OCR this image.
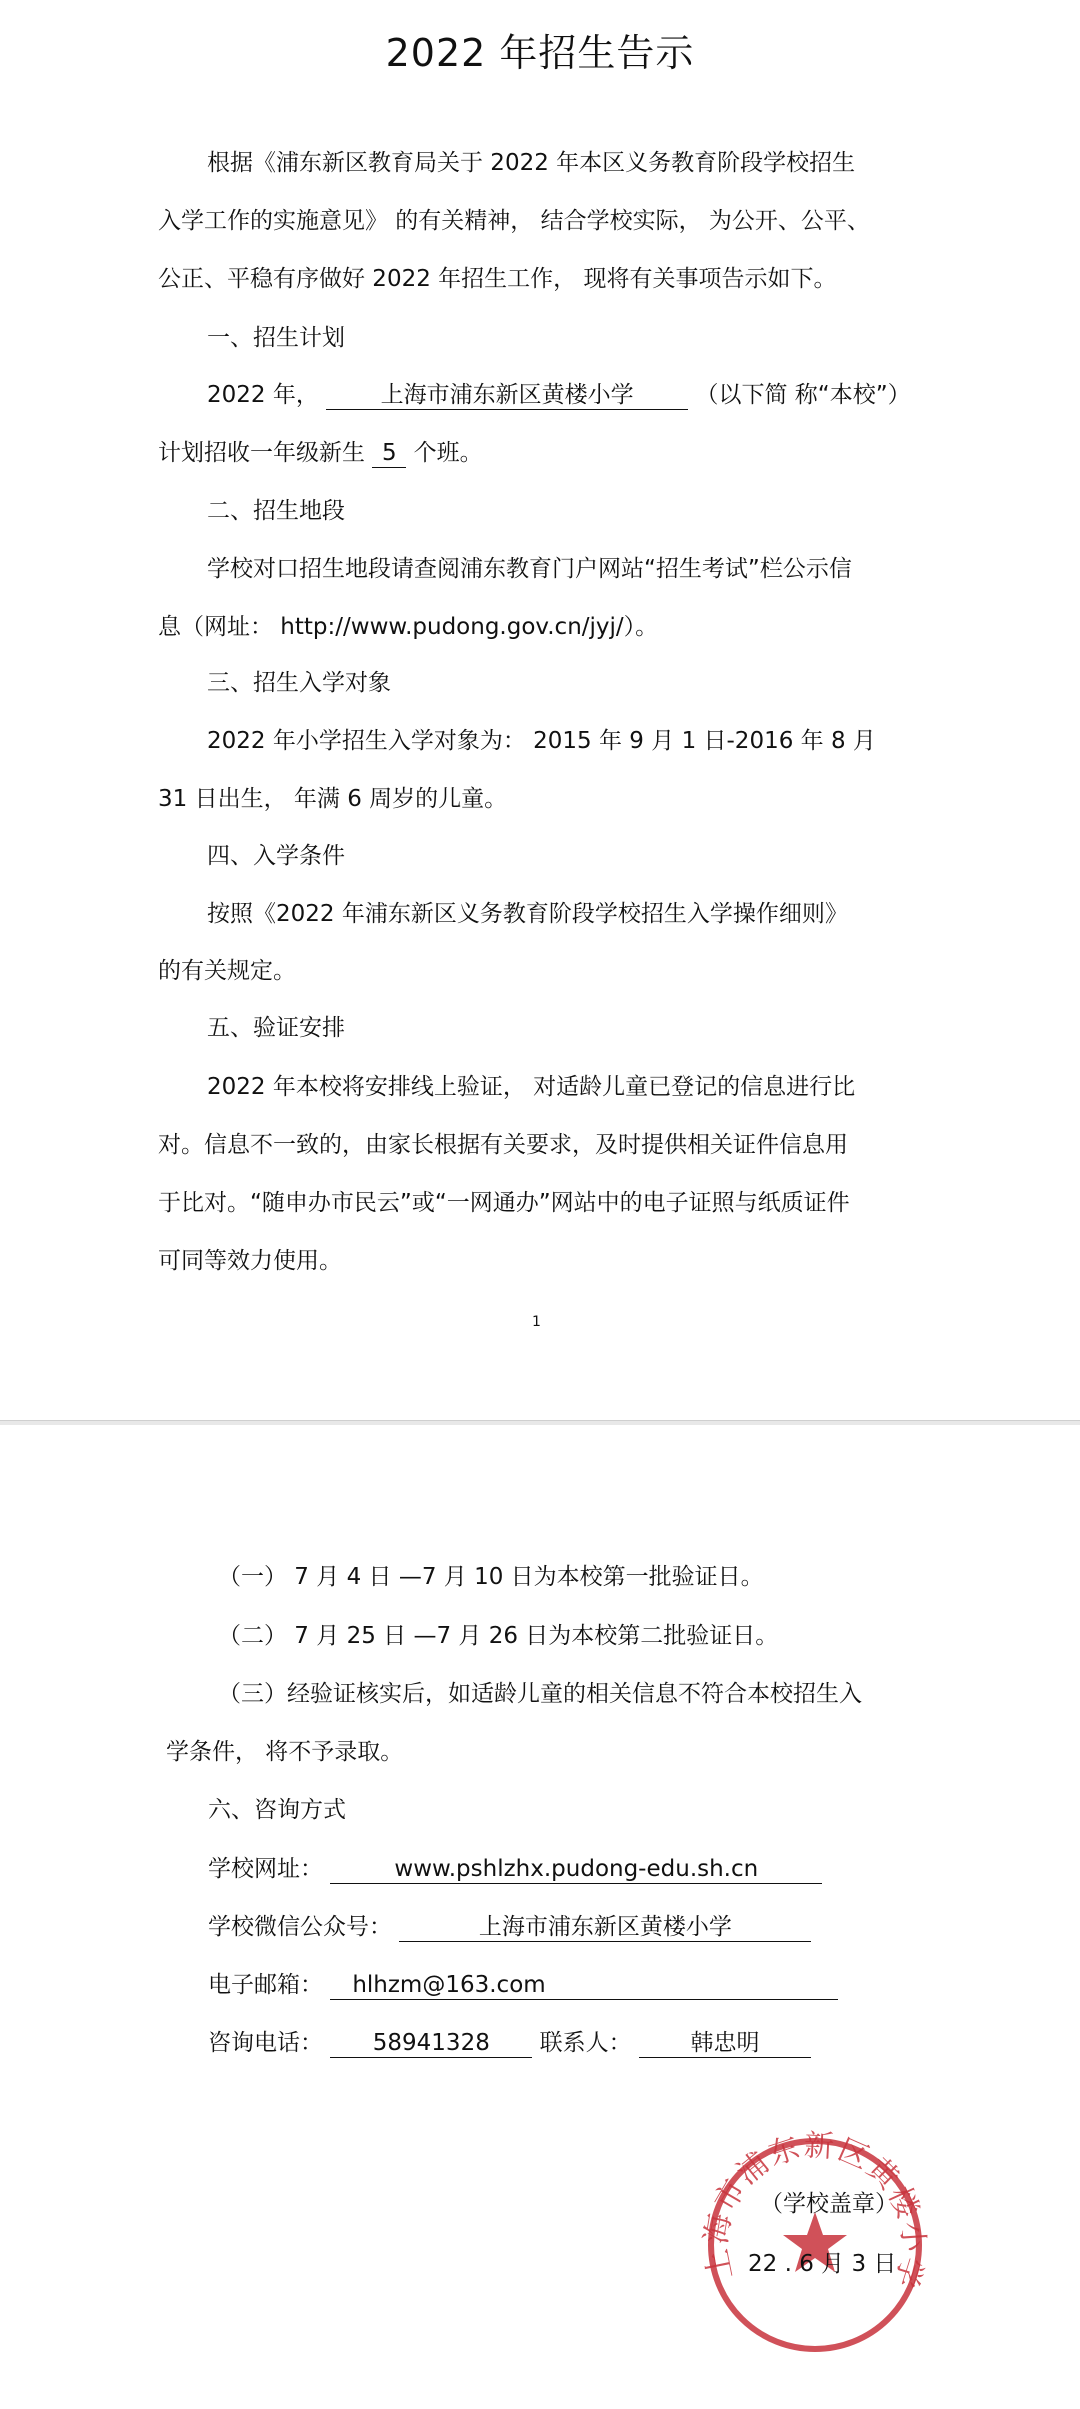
2022 年招生告示
根据《浦东新区教育局关于 2022 年本区义务教育阶段学校招生
入学工作的实施意见》 的有关精神， 结合学校实际， 为公开、公平、
公正、平稳有序做好 2022 年招生工作， 现将有关事项告示如下。
一、招生计划
2022 年，	上海市浦东新区黄楼小学	（以下简 称“本校”）
计划招收一年级新生 5 个班。
二、招生地段
学校对口招生地段请查阅浦东教育门户网站“招生考试”栏公示信
息（网址： http://www.pudong.gov.cn/jyj/）。
三、招生入学对象
2022 年小学招生入学对象为： 2015 年 9 月 1 日-2016 年 8 月
31 日出生， 年满 6 周岁的儿童。
四、入学条件
按照《2022 年浦东新区义务教育阶段学校招生入学操作细则》
的有关规定。
五、验证安排
2022 年本校将安排线上验证， 对适龄儿童已登记的信息进行比
对。信息不一致的，由家长根据有关要求，及时提供相关证件信息用
于比对。“随申办市民云”或“一网通办”网站中的电子证照与纸质证件
可同等效力使用。
1
（一） 7 月 4 日 —7 月 10 日为本校第一批验证日。
（二） 7 月 25 日 —7 月 26 日为本校第二批验证日。
（三）经验证核实后，如适龄儿童的相关信息不符合本校招生入
学条件， 将不予录取。
六、咨询方式
学校网址：	www.pshlzhx.pudong-edu.sh.cn
学校微信公众号：	上海市浦东新区黄楼小学
电子邮箱： hlhzm@163.com
咨询电话： 58941328 联系人：	韩忠明
上海市浦东新区黄楼小学
（学校盖章）
22 . 6 月 3 日
